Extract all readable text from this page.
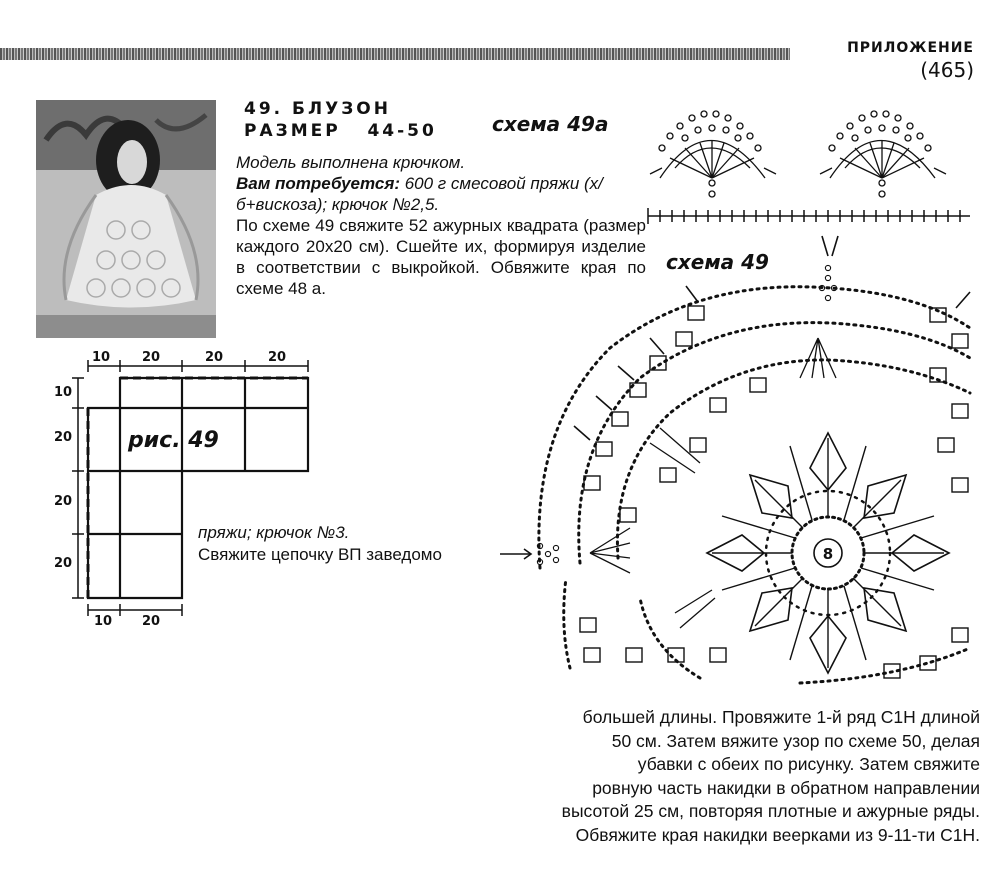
ПРИЛОЖЕНИЕ
(465)
49. БЛУЗОН
РАЗМЕР   44-50	схема 49а

Модель выполнена крючком.

Вам потребуется: 600 г смесовой пряжи (х/б+вискоза); крючок №2,5.

По схеме 49 свяжите 52 ажурных квадрата (размер каждого 20х20 см). Сшейте их, формируя изделие в соответствии с выкройкой. Обвяжите края по схеме 48 а.

схема 49
10 20	20	20
10
20
20
20
10 20
рис. 49

пряжи; крючок №3.

Свяжите цепочку ВП заведомо	8

большей длины. Провяжите 1-й ряд С1Н длиной

50 см. Затем вяжите узор по схеме 50, делая

убавки с обеих по рисунку. Затем свяжите

ровную часть накидки в обратном направлении

высотой 25 см, повторяя плотные и ажурные ряды.

Обвяжите края накидки веерками из 9-11-ти С1Н.
